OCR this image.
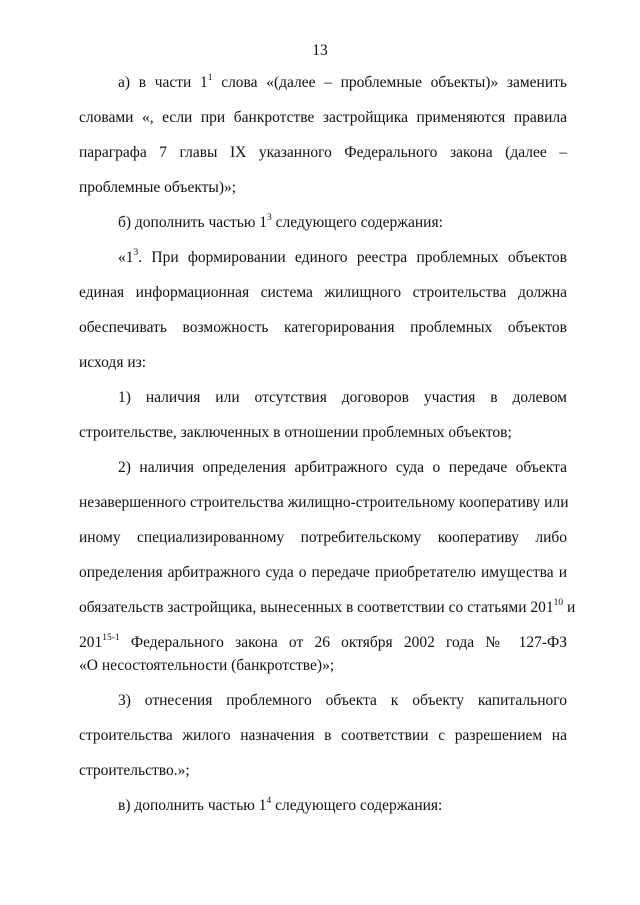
13
а) в части $1^1$ слова «(далее – проблемные объекты)» заменить
словами «, если при банкротстве застройщика применяются правила
параграфа 7 главы IX указанного Федерального закона (далее –
проблемные объекты)»;
б) дополнить частью $1^3$ следующего содержания:
«$1^3$. При формировании единого реестра проблемных объектов
единая информационная система жилищного строительства должна
обеспечивать возможность категорирования проблемных объектов
исходя из:
1) наличия или отсутствия договоров участия в долевом
строительстве, заключенных в отношении проблемных объектов;
2) наличия определения арбитражного суда о передаче объекта
незавершенного строительства жилищно-строительному кооперативу или
иному специализированному потребительскому кооперативу либо
определения арбитражного суда о передаче приобретателю имущества и
обязательств застройщика, вынесенных в соответствии со статьями $201^{10}$ и
201$^{15-1}$ Федерального закона от 26 октября 2002 года № 127-ФЗ
«О несостоятельности (банкротстве)»;
3) отнесения проблемного объекта к объекту капитального
строительства жилого назначения в соответствии с разрешением на
строительство.»;
в) дополнить частью $1^4$ следующего содержания:
